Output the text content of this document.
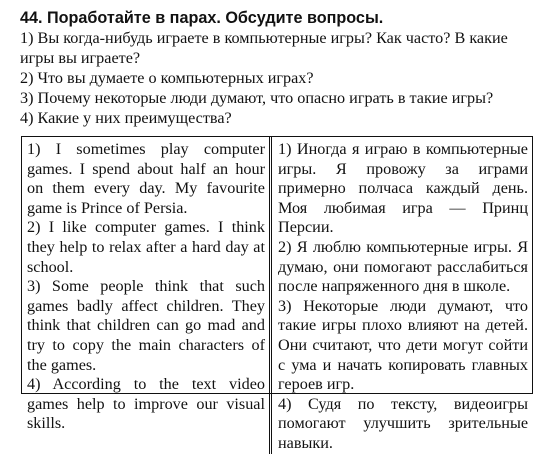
44. Поработайте в парах. Обсудите вопросы.

1) Вы когда-нибудь играете в компьютерные игры? Как часто? В какие игры вы играете?

2) Что вы думаете о компьютерных играх?

3) Почему некоторые люди думают, что опасно играть в такие игры?

4) Какие у них преимущества?

1) I sometimes play computer games. I spend about half an hour on them every day. My favourite game is Prince of Persia.

2) I like computer games. I think they help to relax after a hard day at school.

3) Some people think that such games badly affect children. They think that children can go mad and try to copy the main characters of the games.

4) According to the text video games help to improve our visual skills.

1) Иногда я играю в компьютерные игры. Я провожу за играми примерно полчаса каждый день. Моя любимая игра — Принц Персии.

2) Я люблю компьютерные игры. Я думаю, они помогают расслабиться после напряженного дня в школе.

3) Некоторые люди думают, что такие игры плохо влияют на детей. Они считают, что дети могут сойти с ума и начать копировать главных героев игр.

4) Судя по тексту, видеоигры помогают улучшить зрительные навыки.
